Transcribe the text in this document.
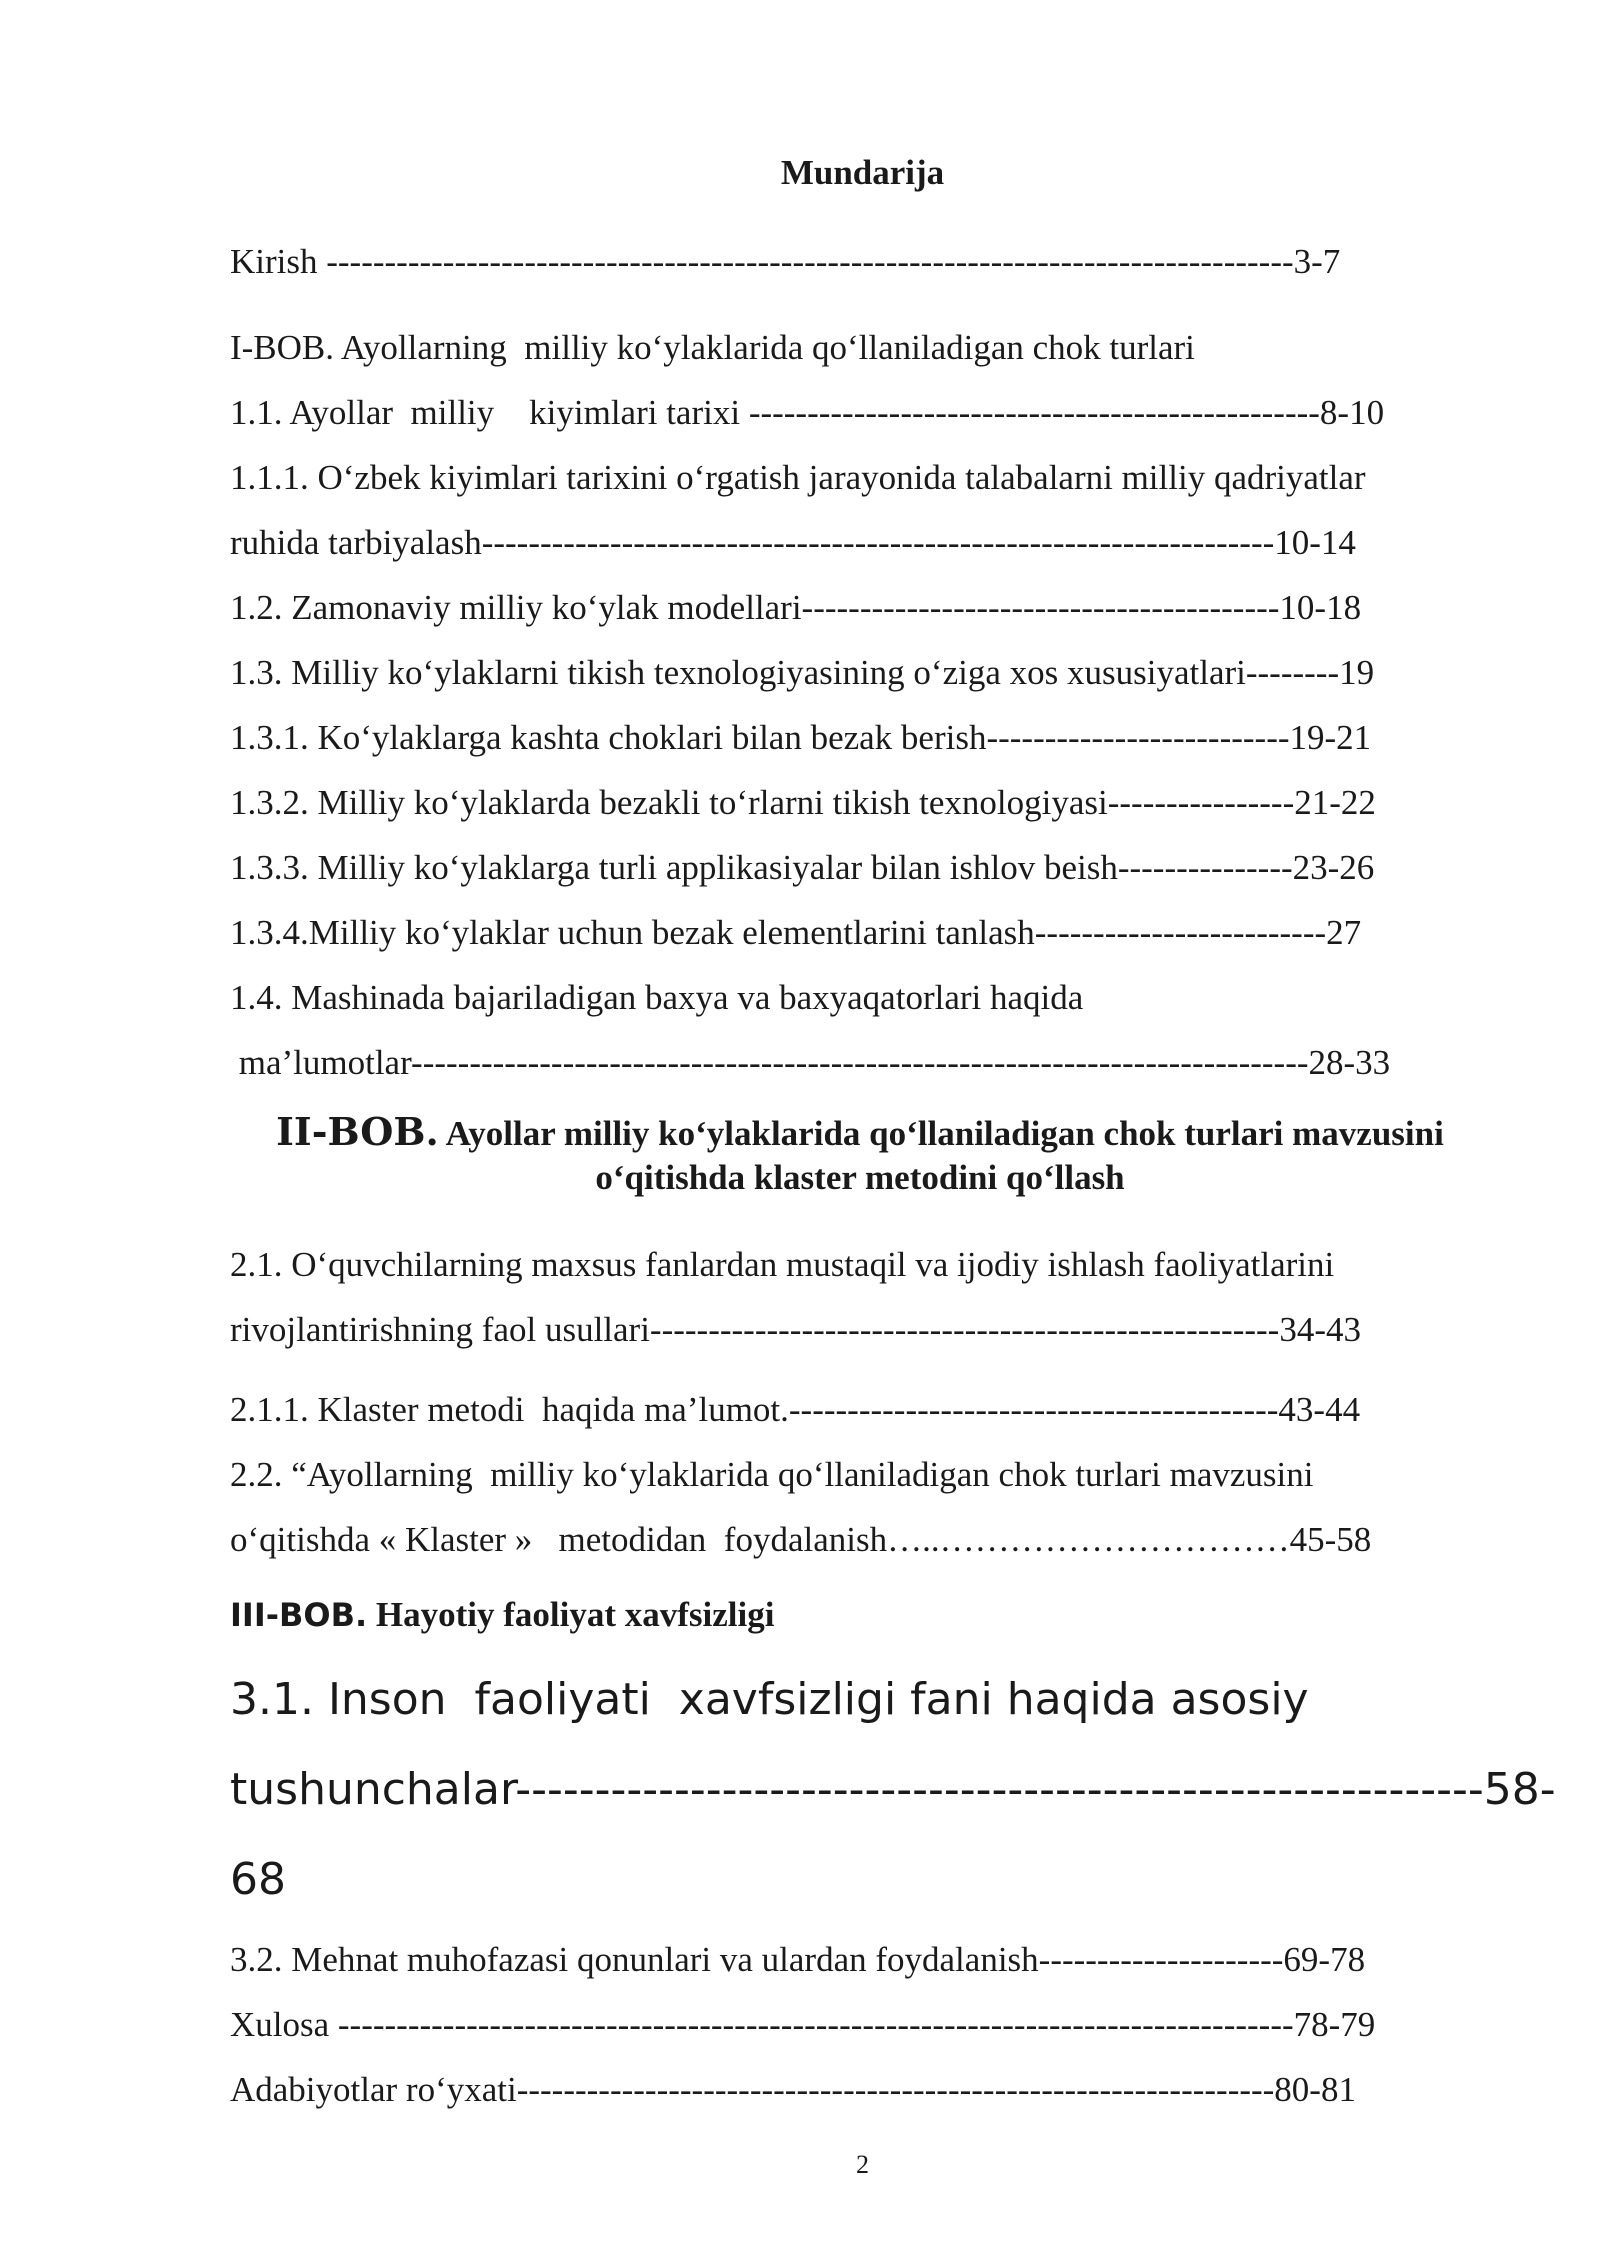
Mundarija
Kirish -----------------------------------------------------------------------------------3-7
I-BOB. Ayollarning  milliy ko‘ylaklarida qo‘llaniladigan chok turlari
1.1. Ayollar  milliy    kiyimlari tarixi -------------------------------------------------8-10
1.1.1. O‘zbek kiyimlari tarixini o‘rgatish jarayonida talabalarni milliy qadriyatlar
ruhida tarbiyalash--------------------------------------------------------------------10-14
1.2. Zamonaviy milliy ko‘ylak modellari-----------------------------------------10-18
1.3. Milliy ko‘ylaklarni tikish texnologiyasining o‘ziga xos xususiyatlari--------19
1.3.1. Ko‘ylaklarga kashta choklari bilan bezak berish--------------------------19-21
1.3.2. Milliy ko‘ylaklarda bezakli to‘rlarni tikish texnologiyasi----------------21-22
1.3.3. Milliy ko‘ylaklarga turli applikasiyalar bilan ishlov beish---------------23-26
1.3.4.Milliy ko‘ylaklar uchun bezak elementlarini tanlash-------------------------27
1.4. Mashinada bajariladigan baxya va baxyaqatorlari haqida
ma’lumotlar-----------------------------------------------------------------------------28-33
II-BOB. Ayollar milliy ko‘ylaklarida qo‘llaniladigan chok turlari mavzusini
o‘qitishda klaster metodini qo‘llash
2.1. O‘quvchilarning maxsus fanlardan mustaqil va ijodiy ishlash faoliyatlarini
rivojlantirishning faol usullari------------------------------------------------------34-43
2.1.1. Klaster metodi  haqida ma’lumot.------------------------------------------43-44
2.2. “Ayollarning  milliy ko‘ylaklarida qo‘llaniladigan chok turlari mavzusini
o‘qitishda « Klaster »   metodidan  foydalanish…..…………………………45-58
III-BOB. Hayotiy faoliyat xavfsizligi
3.1. Inson  faoliyati  xavfsizligi fani haqida asosiy
tushunchalar-------------------------------------------------------------58-
68
3.2. Mehnat muhofazasi qonunlari va ulardan foydalanish---------------------69-78
Xulosa ----------------------------------------------------------------------------------78-79
Adabiyotlar ro‘yxati-----------------------------------------------------------------80-81
2
